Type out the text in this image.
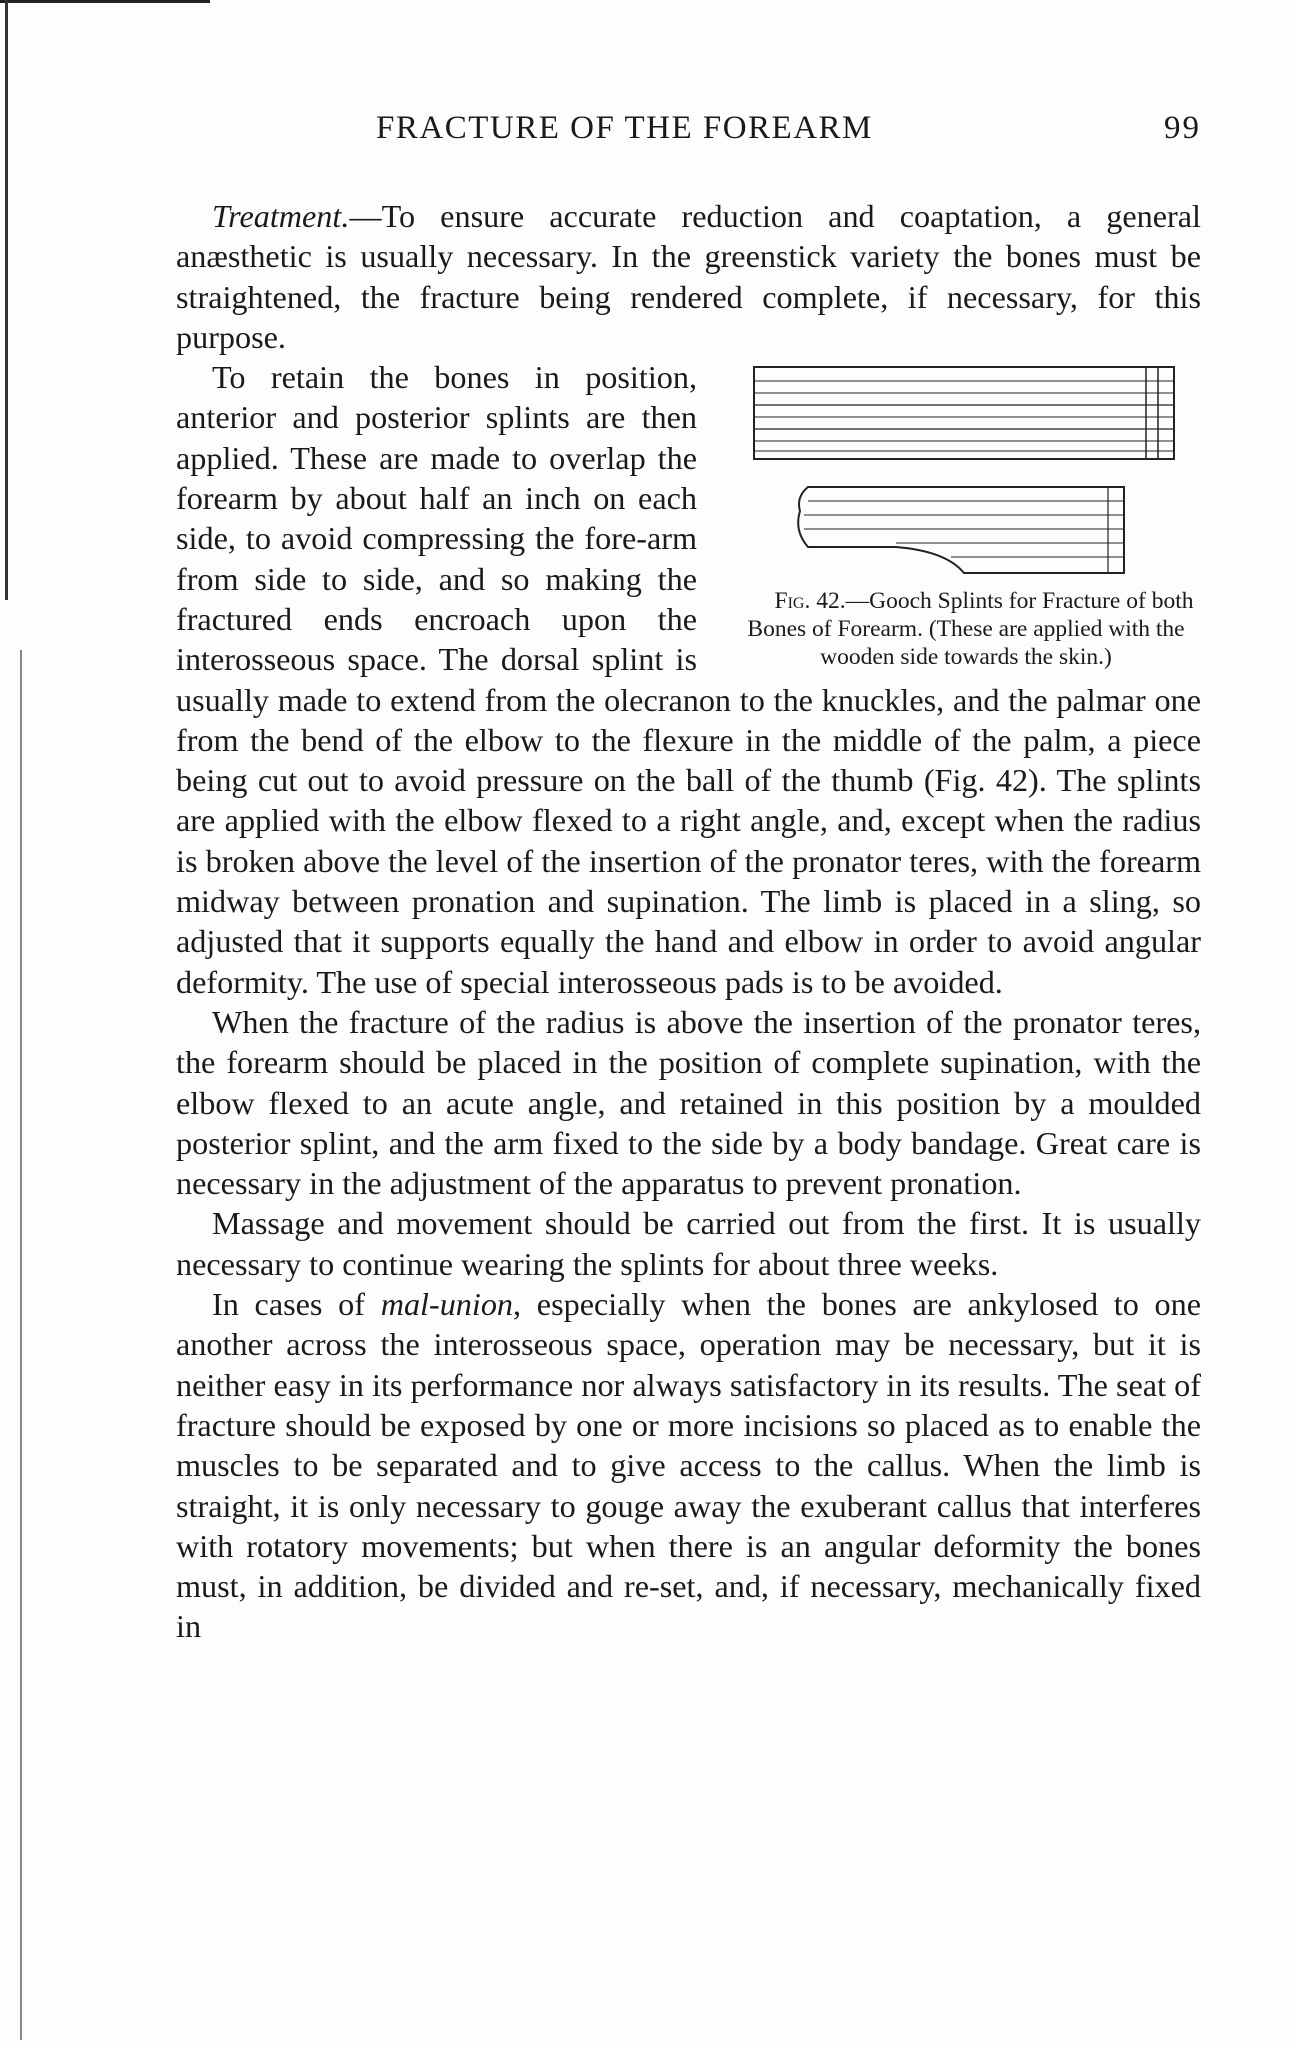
FRACTURE OF THE FOREARM	99

Treatment.—To ensure accurate reduction and coaptation, a general anæsthetic is usually necessary. In the greenstick variety the bones must be straightened, the fracture being rendered complete, if necessary, for this purpose.

Fig. 42.—Gooch Splints for Fracture of both Bones of Forearm. (These are applied with the wooden side towards the skin.)
To retain the bones in position, anterior and posterior splints are then applied. These are made to overlap the forearm by about half an inch on each side, to avoid compressing the fore-arm from side to side, and so making the fractured ends encroach upon the interosseous space. The dorsal splint is usually made to extend from the olecranon to the knuckles, and the palmar one from the bend of the elbow to the flexure in the middle of the palm, a piece being cut out to avoid pressure on the ball of the thumb (Fig. 42). The splints are applied with the elbow flexed to a right angle, and, except when the radius is broken above the level of the insertion of the pronator teres, with the forearm midway between pronation and supination. The limb is placed in a sling, so adjusted that it supports equally the hand and elbow in order to avoid angular deformity. The use of special interosseous pads is to be avoided.

When the fracture of the radius is above the insertion of the pronator teres, the forearm should be placed in the position of complete supination, with the elbow flexed to an acute angle, and retained in this position by a moulded posterior splint, and the arm fixed to the side by a body bandage. Great care is necessary in the adjustment of the apparatus to prevent pronation.

Massage and movement should be carried out from the first. It is usually necessary to continue wearing the splints for about three weeks.

In cases of mal-union, especially when the bones are ankylosed to one another across the interosseous space, operation may be necessary, but it is neither easy in its performance nor always satisfactory in its results. The seat of fracture should be exposed by one or more incisions so placed as to enable the muscles to be separated and to give access to the callus. When the limb is straight, it is only necessary to gouge away the exuberant callus that interferes with rotatory movements; but when there is an angular deformity the bones must, in addition, be divided and re-set, and, if necessary, mechanically fixed in
